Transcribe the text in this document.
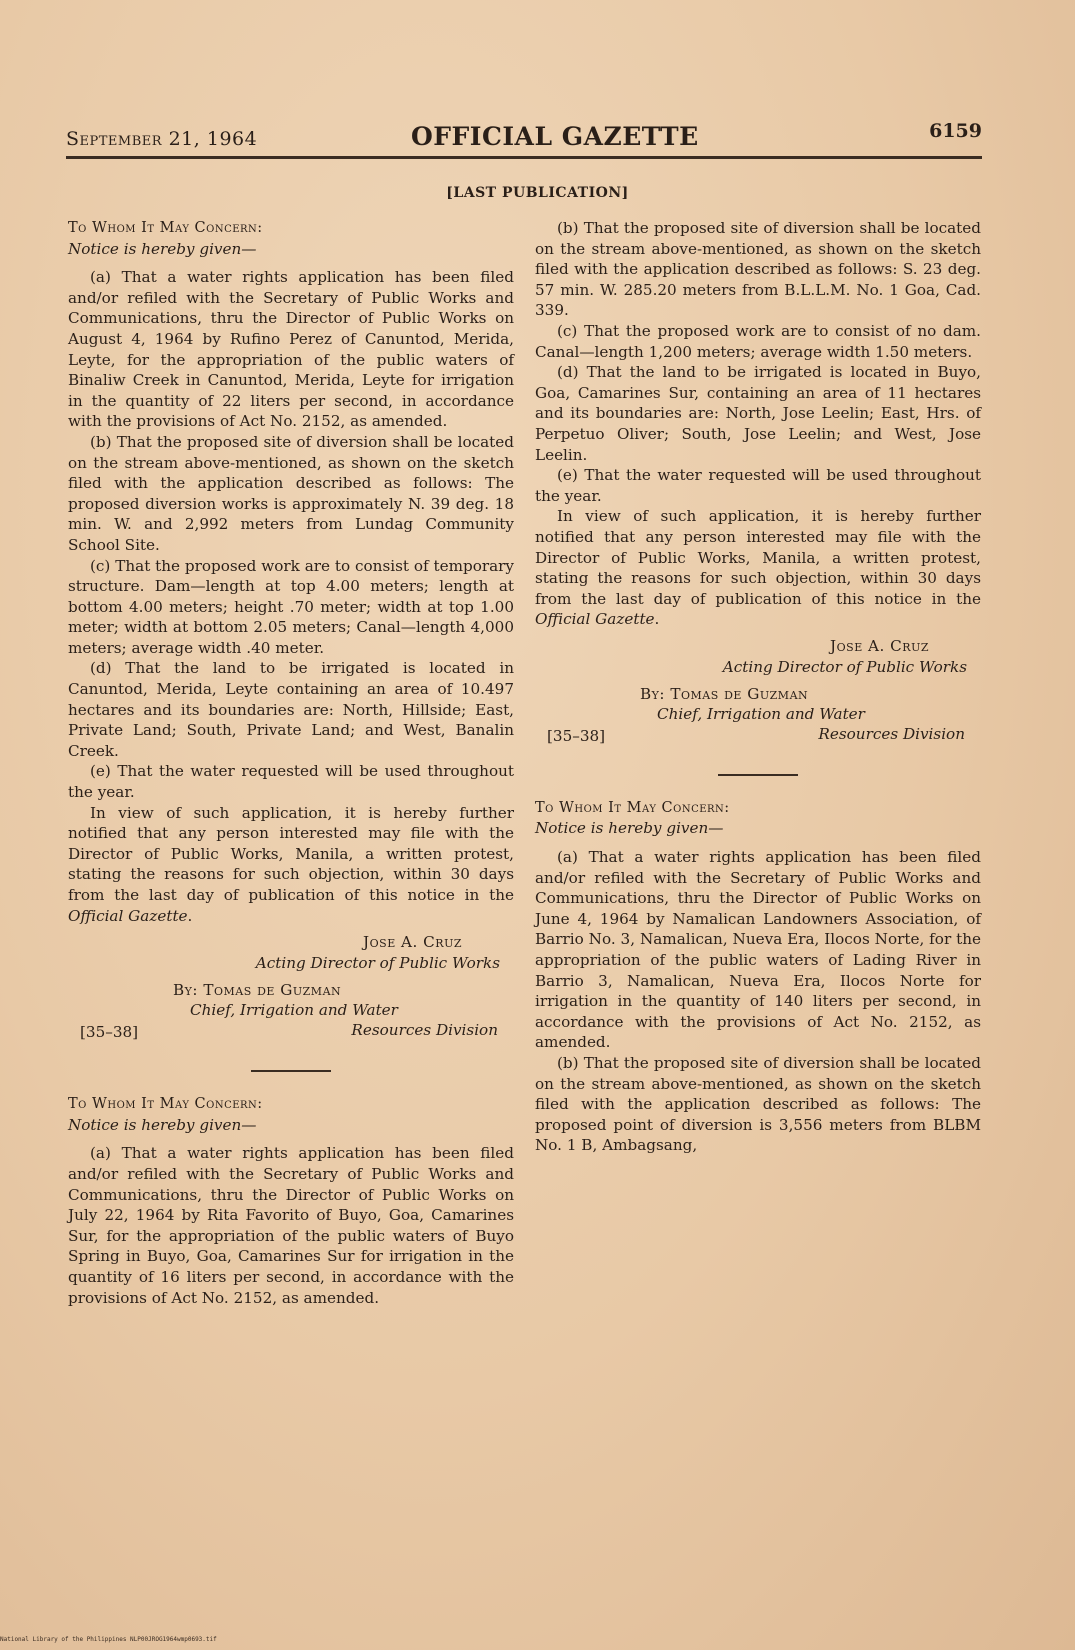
September 21, 1964	OFFICIAL GAZETTE	6159
[LAST PUBLICATION]

To Whom It May Concern:

Notice is hereby given—

(a) That a water rights application has been filed and/or refiled with the Secretary of Public Works and Communications, thru the Director of Public Works on August 4, 1964 by Rufino Perez of Canuntod, Merida, Leyte, for the appropriation of the public waters of Binaliw Creek in Canuntod, Merida, Leyte for irrigation in the quantity of 22 liters per second, in accordance with the provisions of Act No. 2152, as amended.

(b) That the proposed site of diversion shall be located on the stream above-mentioned, as shown on the sketch filed with the application described as follows: The proposed diversion works is approximately N. 39 deg. 18 min. W. and 2,992 meters from Lundag Community School Site.

(c) That the proposed work are to consist of temporary structure. Dam—length at top 4.00 meters; length at bottom 4.00 meters; height .70 meter; width at top 1.00 meter; width at bottom 2.05 meters; Canal—length 4,000 meters; average width .40 meter.

(d) That the land to be irrigated is located in Canuntod, Merida, Leyte containing an area of 10.497 hectares and its boundaries are: North, Hillside; East, Private Land; South, Private Land; and West, Banalin Creek.

(e) That the water requested will be used throughout the year.

In view of such application, it is hereby further notified that any person interested may file with the Director of Public Works, Manila, a written protest, stating the reasons for such objection, within 30 days from the last day of publication of this notice in the Official Gazette.

Jose A. Cruz
Acting Director of Public Works
By: Tomas de Guzman
Chief, Irrigation and Water
[35–38]	Resources Division

To Whom It May Concern:

Notice is hereby given—

(a) That a water rights application has been filed and/or refiled with the Secretary of Public Works and Communications, thru the Director of Public Works on July 22, 1964 by Rita Favorito of Buyo, Goa, Camarines Sur, for the appropriation of the public waters of Buyo Spring in Buyo, Goa, Camarines Sur for irrigation in the quantity of 16 liters per second, in accordance with the provisions of Act No. 2152, as amended.

(b) That the proposed site of diversion shall be located on the stream above-mentioned, as shown on the sketch filed with the application described as follows: S. 23 deg. 57 min. W. 285.20 meters from B.L.L.M. No. 1 Goa, Cad. 339.

(c) That the proposed work are to consist of no dam. Canal—length 1,200 meters; average width 1.50 meters.

(d) That the land to be irrigated is located in Buyo, Goa, Camarines Sur, containing an area of 11 hectares and its boundaries are: North, Jose Leelin; East, Hrs. of Perpetuo Oliver; South, Jose Leelin; and West, Jose Leelin.

(e) That the water requested will be used throughout the year.

In view of such application, it is hereby further notified that any person interested may file with the Director of Public Works, Manila, a written protest, stating the reasons for such objection, within 30 days from the last day of publication of this notice in the Official Gazette.

Jose A. Cruz
Acting Director of Public Works
By: Tomas de Guzman
Chief, Irrigation and Water
[35–38]	Resources Division

To Whom It May Concern:

Notice is hereby given—

(a) That a water rights application has been filed and/or refiled with the Secretary of Public Works and Communications, thru the Director of Public Works on June 4, 1964 by Namalican Landowners Association, of Barrio No. 3, Namalican, Nueva Era, Ilocos Norte, for the appropriation of the public waters of Lading River in Barrio 3, Namalican, Nueva Era, Ilocos Norte for irrigation in the quantity of 140 liters per second, in accordance with the provisions of Act No. 2152, as amended.

(b) That the proposed site of diversion shall be located on the stream above-mentioned, as shown on the sketch filed with the application described as follows: The proposed point of diversion is 3,556 meters from BLBM No. 1 B, Ambagsang,

National Library of the Philippines NLP00JROG1964wmp0693.tif
